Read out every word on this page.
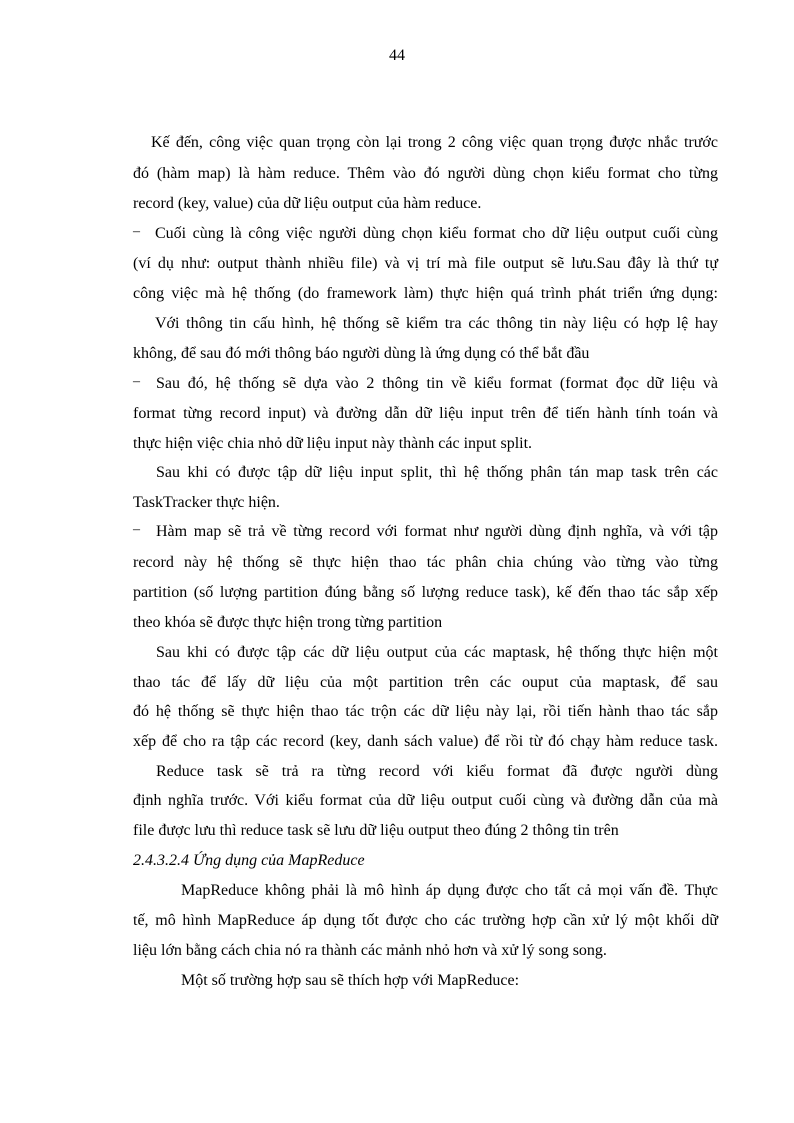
44
Kế đến, công việc quan trọng còn lại trong 2 công việc quan trọng được nhắc trước
đó (hàm map) là hàm reduce. Thêm vào đó người dùng chọn kiểu format cho từng
record (key, value) của dữ liệu output của hàm reduce.
– Cuối cùng là công việc người dùng chọn kiểu format cho dữ liệu output cuối cùng
(ví dụ như: output thành nhiều file) và vị trí mà file output sẽ lưu.Sau đây là thứ tự
công việc mà hệ thống (do framework làm) thực hiện quá trình phát triển ứng dụng:
Với thông tin cấu hình, hệ thống sẽ kiểm tra các thông tin này liệu có hợp lệ hay
không, để sau đó mới thông báo người dùng là ứng dụng có thể bắt đầu
– Sau đó, hệ thống sẽ dựa vào 2 thông tin về kiểu format (format đọc dữ liệu và
format từng record input) và đường dẫn dữ liệu input trên để tiến hành tính toán và
thực hiện việc chia nhỏ dữ liệu input này thành các input split.
Sau khi có được tập dữ liệu input split, thì hệ thống phân tán map task trên các
TaskTracker thực hiện.
– Hàm map sẽ trả về từng record với format như người dùng định nghĩa, và với tập
record này hệ thống sẽ thực hiện thao tác phân chia chúng vào từng vào từng
partition (số lượng partition đúng bằng số lượng reduce task), kế đến thao tác sắp xếp
theo khóa sẽ được thực hiện trong từng partition
Sau khi có được tập các dữ liệu output của các maptask, hệ thống thực hiện một
thao tác để lấy dữ liệu của một partition trên các ouput của maptask, để sau
đó hệ thống sẽ thực hiện thao tác trộn các dữ liệu này lại, rồi tiến hành thao tác sắp
xếp để cho ra tập các record (key, danh sách value) để rồi từ đó chạy hàm reduce task.
Reduce task sẽ trả ra từng record với kiểu format đã được người dùng
định nghĩa trước. Với kiểu format của dữ liệu output cuối cùng và đường dẫn của mà
file được lưu thì reduce task sẽ lưu dữ liệu output theo đúng 2 thông tin trên
2.4.3.2.4 Ứng dụng của MapReduce
MapReduce không phải là mô hình áp dụng được cho tất cả mọi vấn đề. Thực
tế, mô hình MapReduce áp dụng tốt được cho các trường hợp cần xử lý một khối dữ
liệu lớn bằng cách chia nó ra thành các mảnh nhỏ hơn và xử lý song song.
Một số trường hợp sau sẽ thích hợp với MapReduce:
